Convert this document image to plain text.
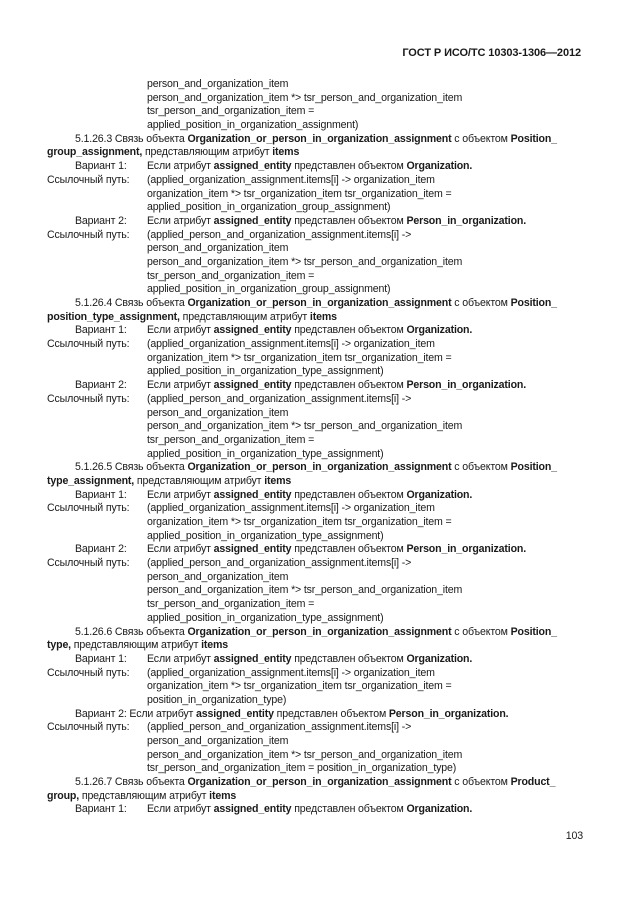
ГОСТ Р ИСО/ТС 10303-1306—2012
person_and_organization_item
person_and_organization_item *> tsr_person_and_organization_item
tsr_person_and_organization_item =
applied_position_in_organization_assignment)
5.1.26.3 Связь объекта Organization_or_person_in_organization_assignment с объектом Position_
group_assignment, представляющим атрибут items
Вариант 1:	Если атрибут assigned_entity представлен объектом Organization.
Ссылочный путь:	(applied_organization_assignment.items[i] -> organization_item
organization_item *> tsr_organization_item tsr_organization_item =
applied_position_in_organization_group_assignment)
Вариант 2:	Если атрибут assigned_entity представлен объектом Person_in_organization.
Ссылочный путь:	(applied_person_and_organization_assignment.items[i] ->
person_and_organization_item
person_and_organization_item *> tsr_person_and_organization_item
tsr_person_and_organization_item =
applied_position_in_organization_group_assignment)
5.1.26.4 Связь объекта Organization_or_person_in_organization_assignment с объектом Position_
position_type_assignment, представляющим атрибут items
Вариант 1:	Если атрибут assigned_entity представлен объектом Organization.
Ссылочный путь:	(applied_organization_assignment.items[i] -> organization_item
organization_item *> tsr_organization_item tsr_organization_item =
applied_position_in_organization_type_assignment)
Вариант 2:	Если атрибут assigned_entity представлен объектом Person_in_organization.
Ссылочный путь:	(applied_person_and_organization_assignment.items[i] ->
person_and_organization_item
person_and_organization_item *> tsr_person_and_organization_item
tsr_person_and_organization_item =
applied_position_in_organization_type_assignment)
5.1.26.5 Связь объекта Organization_or_person_in_organization_assignment с объектом Position_
type_assignment, представляющим атрибут items
Вариант 1:	Если атрибут assigned_entity представлен объектом Organization.
Ссылочный путь:	(applied_organization_assignment.items[i] -> organization_item
organization_item *> tsr_organization_item tsr_organization_item =
applied_position_in_organization_type_assignment)
Вариант 2:	Если атрибут assigned_entity представлен объектом Person_in_organization.
Ссылочный путь:	(applied_person_and_organization_assignment.items[i] ->
person_and_organization_item
person_and_organization_item *> tsr_person_and_organization_item
tsr_person_and_organization_item =
applied_position_in_organization_type_assignment)
5.1.26.6 Связь объекта Organization_or_person_in_organization_assignment с объектом Position_
type, представляющим атрибут items
Вариант 1:	Если атрибут assigned_entity представлен объектом Organization.
Ссылочный путь:	(applied_organization_assignment.items[i] -> organization_item
organization_item *> tsr_organization_item tsr_organization_item =
position_in_organization_type)
Вариант 2: Если атрибут assigned_entity представлен объектом Person_in_organization.
Ссылочный путь:	(applied_person_and_organization_assignment.items[i] ->
person_and_organization_item
person_and_organization_item *> tsr_person_and_organization_item
tsr_person_and_organization_item = position_in_organization_type)
5.1.26.7 Связь объекта Organization_or_person_in_organization_assignment с объектом Product_
group, представляющим атрибут items
Вариант 1:	Если атрибут assigned_entity представлен объектом Organization.
103
